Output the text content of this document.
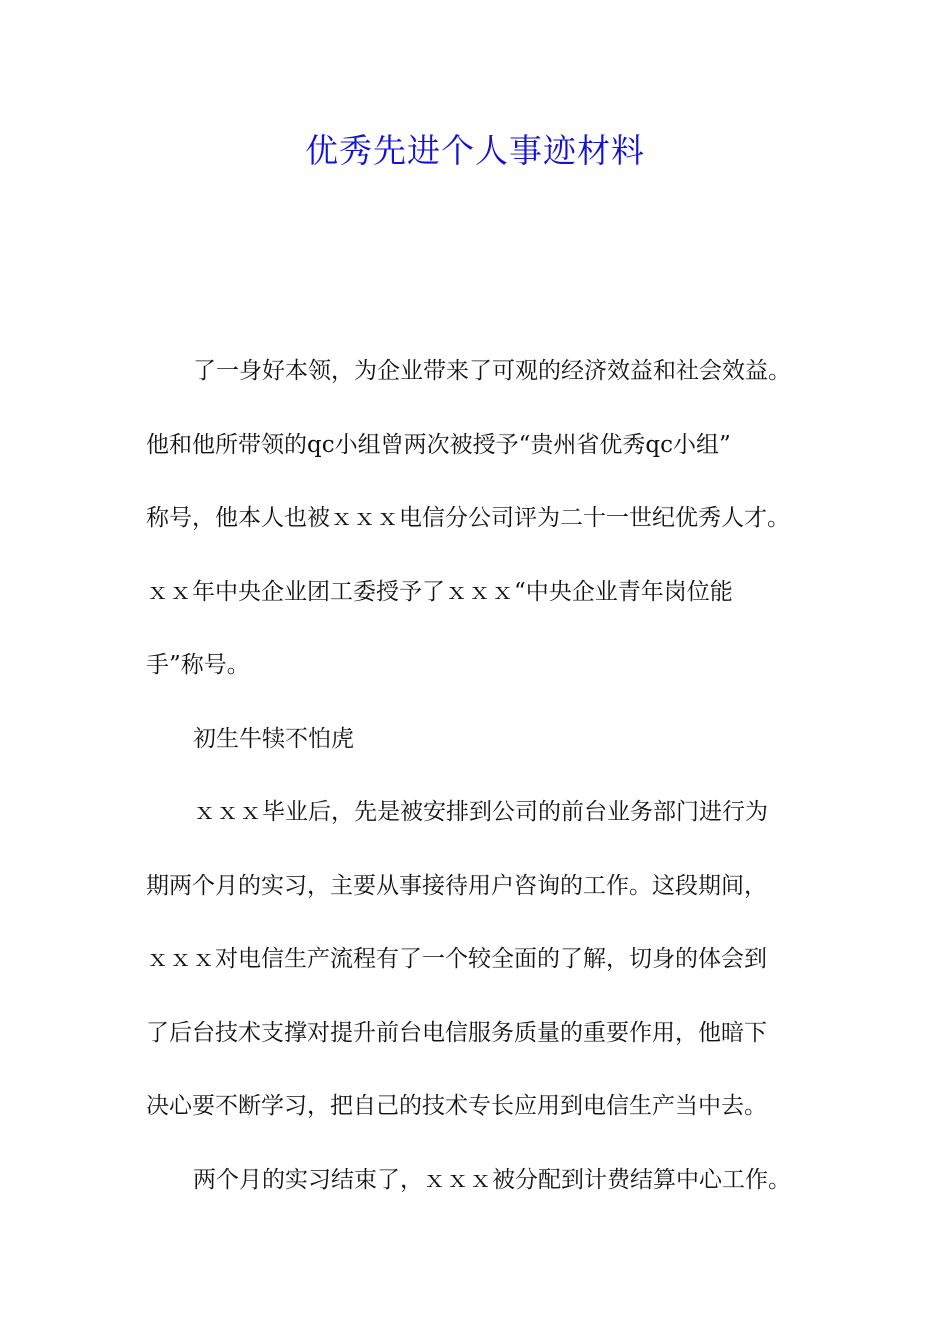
优秀先进个人事迹材料
了一身好本领，为企业带来了可观的经济效益和社会效益。
他和他所带领的qc小组曾两次被授予“贵州省优秀qc小组”
称号，他本人也被ｘｘｘ电信分公司评为二十一世纪优秀人才。
ｘｘ年中央企业团工委授予了ｘｘｘ“中央企业青年岗位能
手”称号。
初生牛犊不怕虎
ｘｘｘ毕业后，先是被安排到公司的前台业务部门进行为
期两个月的实习，主要从事接待用户咨询的工作。这段期间，
ｘｘｘ对电信生产流程有了一个较全面的了解，切身的体会到
了后台技术支撑对提升前台电信服务质量的重要作用，他暗下
决心要不断学习，把自己的技术专长应用到电信生产当中去。
两个月的实习结束了，ｘｘｘ被分配到计费结算中心工作。
